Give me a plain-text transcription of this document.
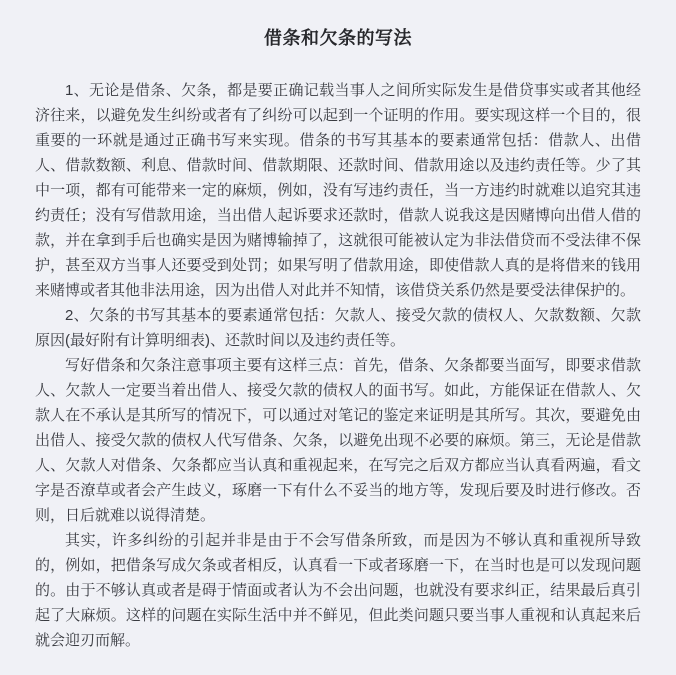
借条和欠条的写法

1、无论是借条、欠条，都是要正确记载当事人之间所实际发生是借贷事实或者其他经济往来，以避免发生纠纷或者有了纠纷可以起到一个证明的作用。要实现这样一个目的，很重要的一环就是通过正确书写来实现。借条的书写其基本的要素通常包括：借款人、出借人、借款数额、利息、借款时间、借款期限、还款时间、借款用途以及违约责任等。少了其中一项，都有可能带来一定的麻烦，例如，没有写违约责任，当一方违约时就难以追究其违约责任；没有写借款用途，当出借人起诉要求还款时，借款人说我这是因赌博向出借人借的款，并在拿到手后也确实是因为赌博输掉了，这就很可能被认定为非法借贷而不受法律不保护，甚至双方当事人还要受到处罚；如果写明了借款用途，即使借款人真的是将借来的钱用来赌博或者其他非法用途，因为出借人对此并不知情，该借贷关系仍然是要受法律保护的。

2、欠条的书写其基本的要素通常包括：欠款人、接受欠款的债权人、欠款数额、欠款原因(最好附有计算明细表)、还款时间以及违约责任等。

写好借条和欠条注意事项主要有这样三点：首先，借条、欠条都要当面写，即要求借款人、欠款人一定要当着出借人、接受欠款的债权人的面书写。如此，方能保证在借款人、欠款人在不承认是其所写的情况下，可以通过对笔记的鉴定来证明是其所写。其次，要避免由出借人、接受欠款的债权人代写借条、欠条，以避免出现不必要的麻烦。第三，无论是借款人、欠款人对借条、欠条都应当认真和重视起来，在写完之后双方都应当认真看两遍，看文字是否潦草或者会产生歧义，琢磨一下有什么不妥当的地方等，发现后要及时进行修改。否则，日后就难以说得清楚。

其实，许多纠纷的引起并非是由于不会写借条所致，而是因为不够认真和重视所导致的，例如，把借条写成欠条或者相反，认真看一下或者琢磨一下，在当时也是可以发现问题的。由于不够认真或者是碍于情面或者认为不会出问题，也就没有要求纠正，结果最后真引起了大麻烦。这样的问题在实际生活中并不鲜见，但此类问题只要当事人重视和认真起来后就会迎刃而解。
